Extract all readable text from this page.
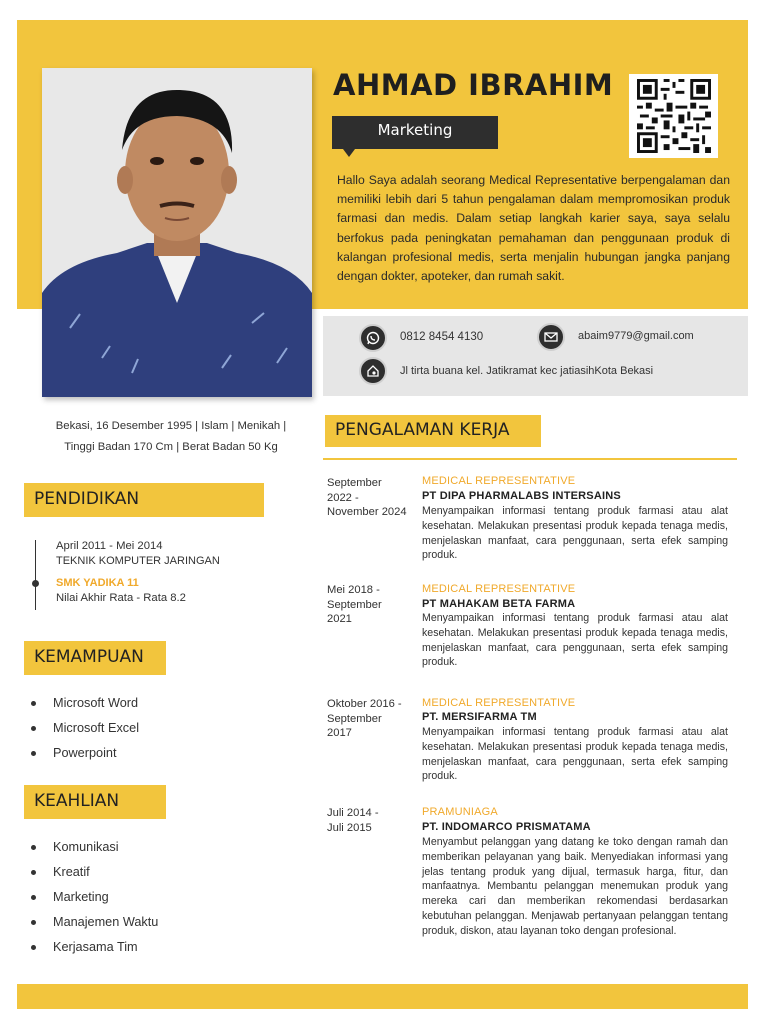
AHMAD IBRAHIM
Marketing
Hallo Saya adalah seorang Medical Representative berpengalaman dan memiliki lebih dari 5 tahun pengalaman dalam mempromosikan produk farmasi dan medis. Dalam setiap langkah karier saya, saya selalu berfokus pada peningkatan pemahaman dan penggunaan produk di kalangan profesional medis, serta menjalin hubungan jangka panjang dengan dokter, apoteker, dan rumah sakit.
0812 8454 4130	abaim9779@gmail.com
Jl tirta buana kel. Jatikramat kec jatiasihKota Bekasi
Bekasi, 16 Desember 1995 | Islam | Menikah |
Tinggi Badan 170 Cm | Berat Badan 50 Kg
PENDIDIKAN
April 2011 - Mei 2014
TEKNIK KOMPUTER JARINGAN
SMK YADIKA 11
Nilai Akhir Rata - Rata 8.2
KEMAMPUAN
Microsoft Word
Microsoft Excel
Powerpoint
KEAHLIAN
Komunikasi
Kreatif
Marketing
Manajemen Waktu
Kerjasama Tim
PENGALAMAN KERJA
September 2022 - November 2024
MEDICAL REPRESENTATIVE
PT DIPA PHARMALABS INTERSAINS
Menyampaikan informasi tentang produk farmasi atau alat kesehatan. Melakukan presentasi produk kepada tenaga medis, menjelaskan manfaat, cara penggunaan, serta efek samping produk.
Mei 2018 - September 2021
MEDICAL REPRESENTATIVE
PT MAHAKAM BETA FARMA
Menyampaikan informasi tentang produk farmasi atau alat kesehatan. Melakukan presentasi produk kepada tenaga medis, menjelaskan manfaat, cara penggunaan, serta efek samping produk.
Oktober 2016 - September 2017
MEDICAL REPRESENTATIVE
PT. MERSIFARMA TM
Menyampaikan informasi tentang produk farmasi atau alat kesehatan. Melakukan presentasi produk kepada tenaga medis, menjelaskan manfaat, cara penggunaan, serta efek samping produk.
Juli 2014 - Juli 2015
PRAMUNIAGA
PT. INDOMARCO PRISMATAMA
Menyambut pelanggan yang datang ke toko dengan ramah dan memberikan pelayanan yang baik. Menyediakan informasi yang jelas tentang produk yang dijual, termasuk harga, fitur, dan manfaatnya. Membantu pelanggan menemukan produk yang mereka cari dan memberikan rekomendasi berdasarkan kebutuhan pelanggan. Menjawab pertanyaan pelanggan tentang produk, diskon, atau layanan toko dengan profesional.
